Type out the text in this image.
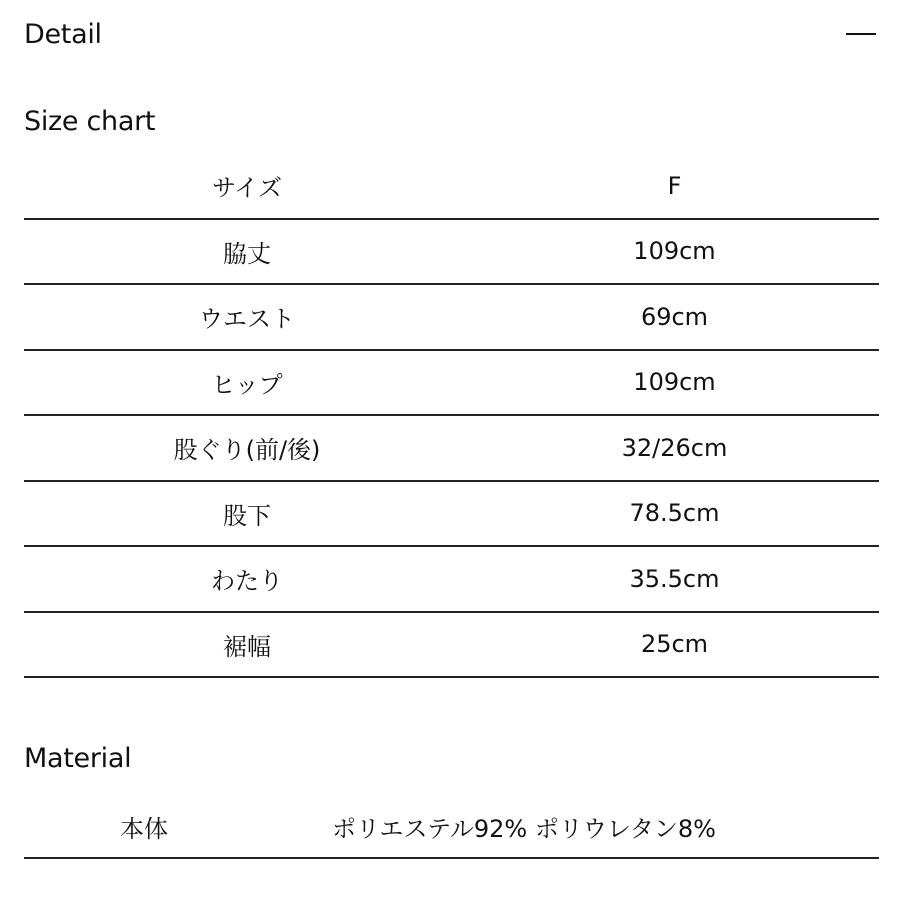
Detail
Size chart
サイズ	F
脇丈	109cm
ウエスト	69cm
ヒップ	109cm
股ぐり(前/後)	32/26cm
股下	78.5cm
わたり	35.5cm
裾幅	25cm
Material
本体	ポリエステル92% ポリウレタン8%
